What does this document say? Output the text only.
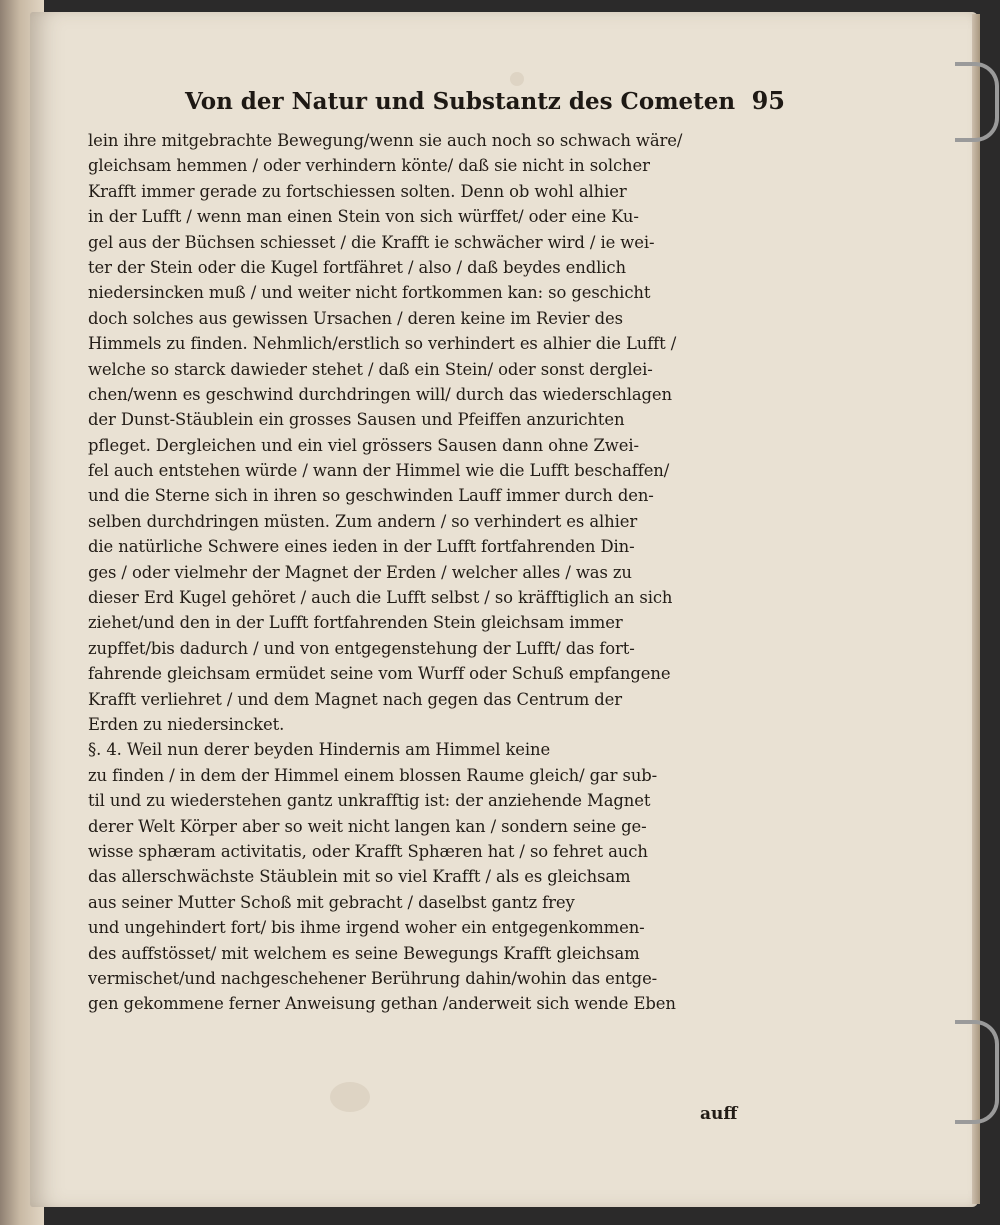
Von der Natur und Substantz des Cometen 95
lein ihre mitgebrachte Bewegung/wenn sie auch noch so schwach wäre/
gleichsam hemmen / oder verhindern könte/ daß sie nicht in solcher
Krafft immer gerade zu fortschiessen solten. Denn ob wohl alhier
in der Lufft / wenn man einen Stein von sich würffet/ oder eine Ku-
gel aus der Büchsen schiesset / die Krafft ie schwächer wird / ie wei-
ter der Stein oder die Kugel fortfähret / also / daß beydes endlich
niedersincken muß / und weiter nicht fortkommen kan: so geschicht
doch solches aus gewissen Ursachen / deren keine im Revier des
Himmels zu finden. Nehmlich/erstlich so verhindert es alhier die Lufft /
welche so starck dawieder stehet / daß ein Stein/ oder sonst derglei-
chen/wenn es geschwind durchdringen will/ durch das wiederschlagen
der Dunst-Stäublein ein grosses Sausen und Pfeiffen anzurichten
pfleget. Dergleichen und ein viel grössers Sausen dann ohne Zwei-
fel auch entstehen würde / wann der Himmel wie die Lufft beschaffen/
und die Sterne sich in ihren so geschwinden Lauff immer durch den-
selben durchdringen müsten. Zum andern / so verhindert es alhier
die natürliche Schwere eines ieden in der Lufft fortfahrenden Din-
ges / oder vielmehr der Magnet der Erden / welcher alles / was zu
dieser Erd Kugel gehöret / auch die Lufft selbst / so kräfftiglich an sich
ziehet/und den in der Lufft fortfahrenden Stein gleichsam immer
zupffet/bis dadurch / und von entgegenstehung der Lufft/ das fort-
fahrende gleichsam ermüdet seine vom Wurff oder Schuß empfangene
Krafft verliehret / und dem Magnet nach gegen das Centrum der
Erden zu niedersincket.
§. 4. Weil nun derer beyden Hindernis am Himmel keine
zu finden / in dem der Himmel einem blossen Raume gleich/ gar sub-
til und zu wiederstehen gantz unkrafftig ist: der anziehende Magnet
derer Welt Körper aber so weit nicht langen kan / sondern seine ge-
wisse sphæram activitatis, oder Krafft Sphæren hat / so fehret auch
das allerschwächste Stäublein mit so viel Krafft / als es gleichsam
aus seiner Mutter Schoß mit gebracht / daselbst gantz frey
und ungehindert fort/ bis ihme irgend woher ein entgegenkommen-
des auffstösset/ mit welchem es seine Bewegungs Krafft gleichsam
vermischet/und nachgeschehener Berührung dahin/wohin das entge-
gen gekommene ferner Anweisung gethan /anderweit sich wende Eben
auff
